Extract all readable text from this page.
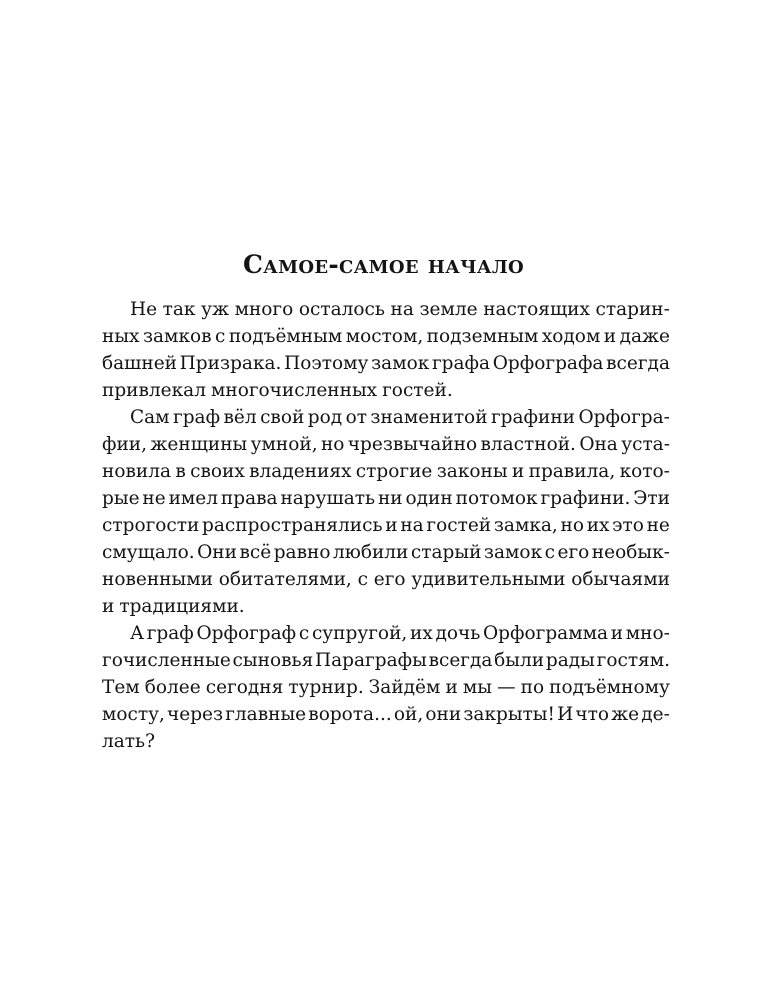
Самое-самое начало
Не так уж много осталось на земле настоящих старин-
ных замков с подъёмным мостом, подземным ходом и даже
башней Призрака. Поэтому замок графа Орфографа всегда
привлекал многочисленных гостей.
Сам граф вёл свой род от знаменитой графини Орфогра-
фии, женщины умной, но чрезвычайно властной. Она уста-
новила в своих владениях строгие законы и правила, кото-
рые не имел права нарушать ни один потомок графини. Эти
строгости распространялись и на гостей замка, но их это не
смущало. Они всё равно любили старый замок с его необык-
новенными обитателями, с его удивительными обычаями
и традициями.
А граф Орфограф с супругой, их дочь Орфограмма и мно-
гочисленные сыновья Параграфы всегда были рады гостям.
Тем более сегодня турнир. Зайдём и мы — по подъёмному
мосту, через главные ворота... ой, они закрыты! И что же де-
лать?
